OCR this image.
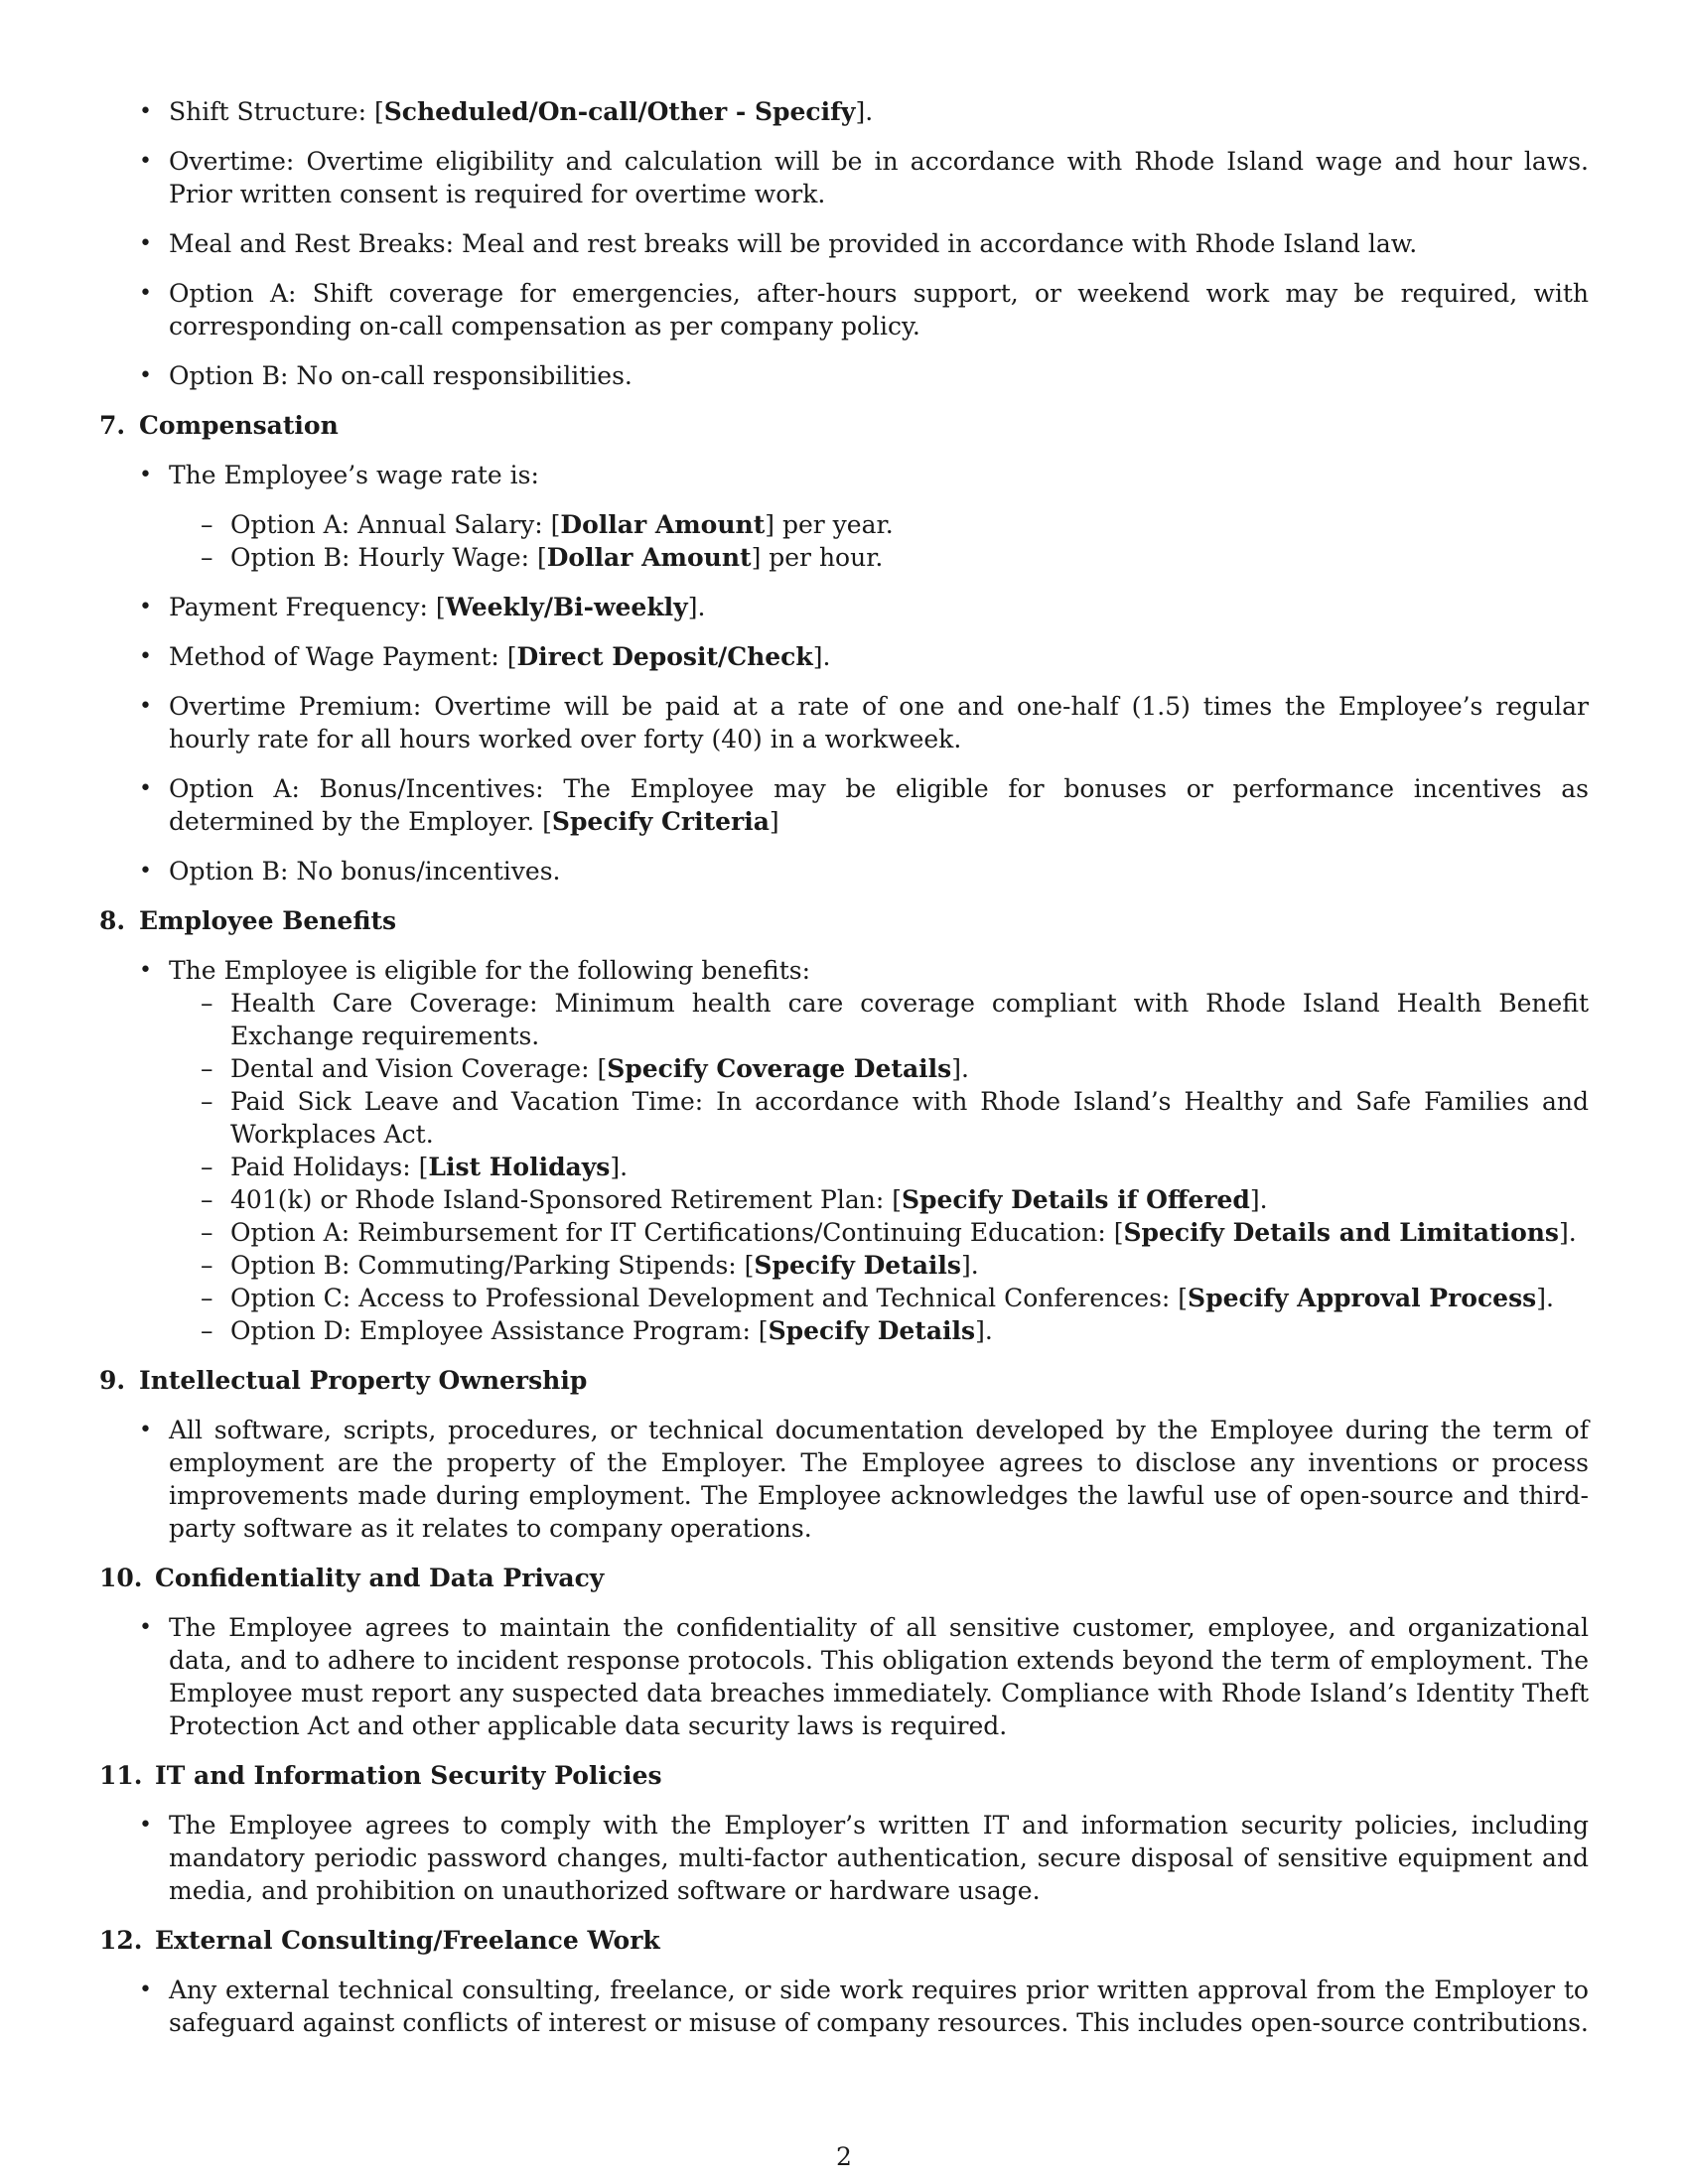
• Shift Structure: [Scheduled/On-call/Other - Specify].
• Overtime: Overtime eligibility and calculation will be in accordance with Rhode Island wage and hour laws. Prior written consent is required for overtime work.
• Meal and Rest Breaks: Meal and rest breaks will be provided in accordance with Rhode Island law.
• Option A: Shift coverage for emergencies, after-hours support, or weekend work may be required, with corresponding on-call compensation as per company policy.
• Option B: No on-call responsibilities.
7. Compensation
• The Employee’s wage rate is:
– Option A: Annual Salary: [Dollar Amount] per year.
– Option B: Hourly Wage: [Dollar Amount] per hour.
• Payment Frequency: [Weekly/Bi-weekly].
• Method of Wage Payment: [Direct Deposit/Check].
• Overtime Premium: Overtime will be paid at a rate of one and one-half (1.5) times the Employee’s regular hourly rate for all hours worked over forty (40) in a workweek.
• Option A: Bonus/Incentives: The Employee may be eligible for bonuses or performance incentives as determined by the Employer. [Specify Criteria]
• Option B: No bonus/incentives.
8. Employee Benefits
• The Employee is eligible for the following benefits:
– Health Care Coverage: Minimum health care coverage compliant with Rhode Island Health Benefit Exchange requirements.
– Dental and Vision Coverage: [Specify Coverage Details].
– Paid Sick Leave and Vacation Time: In accordance with Rhode Island’s Healthy and Safe Families and Workplaces Act.
– Paid Holidays: [List Holidays].
– 401(k) or Rhode Island-Sponsored Retirement Plan: [Specify Details if Offered].
– Option A: Reimbursement for IT Certifications/Continuing Education: [Specify Details and Limitations].
– Option B: Commuting/Parking Stipends: [Specify Details].
– Option C: Access to Professional Development and Technical Conferences: [Specify Approval Process].
– Option D: Employee Assistance Program: [Specify Details].
9. Intellectual Property Ownership
• All software, scripts, procedures, or technical documentation developed by the Employee during the term of employment are the property of the Employer. The Employee agrees to disclose any inventions or process improvements made during employment. The Employee acknowledges the lawful use of open-source and third-party software as it relates to company operations.
10. Confidentiality and Data Privacy
• The Employee agrees to maintain the confidentiality of all sensitive customer, employee, and organizational data, and to adhere to incident response protocols. This obligation extends beyond the term of employment. The Employee must report any suspected data breaches immediately. Compliance with Rhode Island’s Identity Theft Protection Act and other applicable data security laws is required.
11. IT and Information Security Policies
• The Employee agrees to comply with the Employer’s written IT and information security policies, including mandatory periodic password changes, multi-factor authentication, secure disposal of sensitive equipment and media, and prohibition on unauthorized software or hardware usage.
12. External Consulting/Freelance Work
• Any external technical consulting, freelance, or side work requires prior written approval from the Employer to safeguard against conflicts of interest or misuse of company resources. This includes open-source contributions.
2
